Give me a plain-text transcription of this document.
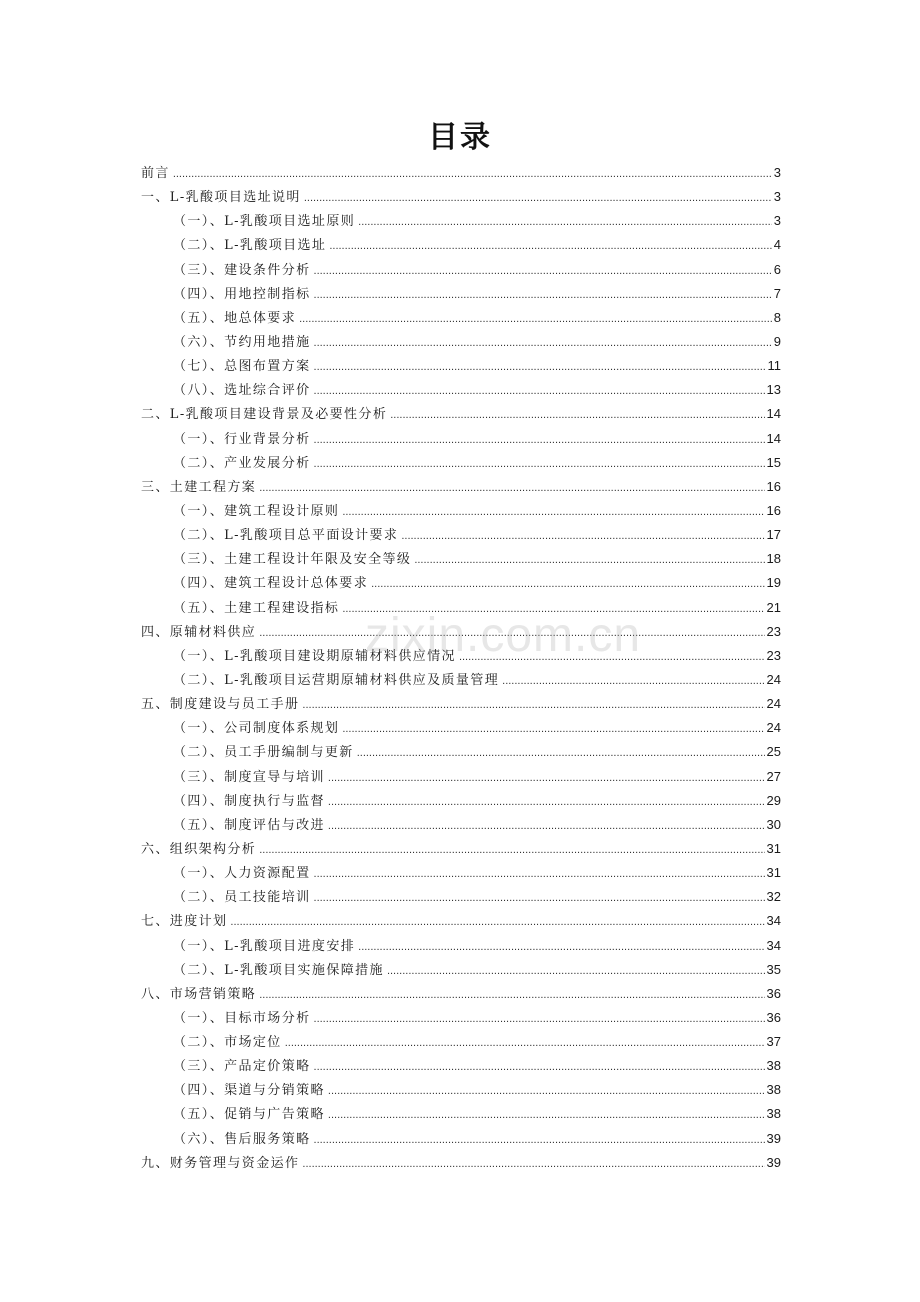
目录
前言 .....	3
一、L-乳酸项目选址说明 .....	3
（一）、L-乳酸项目选址原则 .....	3
（二）、L-乳酸项目选址 .....	4
（三）、建设条件分析 .....	6
（四）、用地控制指标 .....	7
（五）、地总体要求 .....	8
（六）、节约用地措施 .....	9
（七）、总图布置方案 .....	11
（八）、选址综合评价 .....	13
二、L-乳酸项目建设背景及必要性分析 .....	14
（一）、行业背景分析 .....	14
（二）、产业发展分析 .....	15
三、土建工程方案 .....	16
（一）、建筑工程设计原则 .....	16
（二）、L-乳酸项目总平面设计要求 .....	17
（三）、土建工程设计年限及安全等级 .....	18
（四）、建筑工程设计总体要求 .....	19
（五）、土建工程建设指标 .....	21
四、原辅材料供应 .....	23
（一）、L-乳酸项目建设期原辅材料供应情况 .....	23
（二）、L-乳酸项目运营期原辅材料供应及质量管理 .....	24
五、制度建设与员工手册 .....	24
（一）、公司制度体系规划 .....	24
（二）、员工手册编制与更新 .....	25
（三）、制度宣导与培训 .....	27
（四）、制度执行与监督 .....	29
（五）、制度评估与改进 .....	30
六、组织架构分析 .....	31
（一）、人力资源配置 .....	31
（二）、员工技能培训 .....	32
七、进度计划 .....	34
（一）、L-乳酸项目进度安排 .....	34
（二）、L-乳酸项目实施保障措施 .....	35
八、市场营销策略 .....	36
（一）、目标市场分析 .....	36
（二）、市场定位 .....	37
（三）、产品定价策略 .....	38
（四）、渠道与分销策略 .....	38
（五）、促销与广告策略 .....	38
（六）、售后服务策略 .....	39
九、财务管理与资金运作 .....	39
zixin.com.cn
